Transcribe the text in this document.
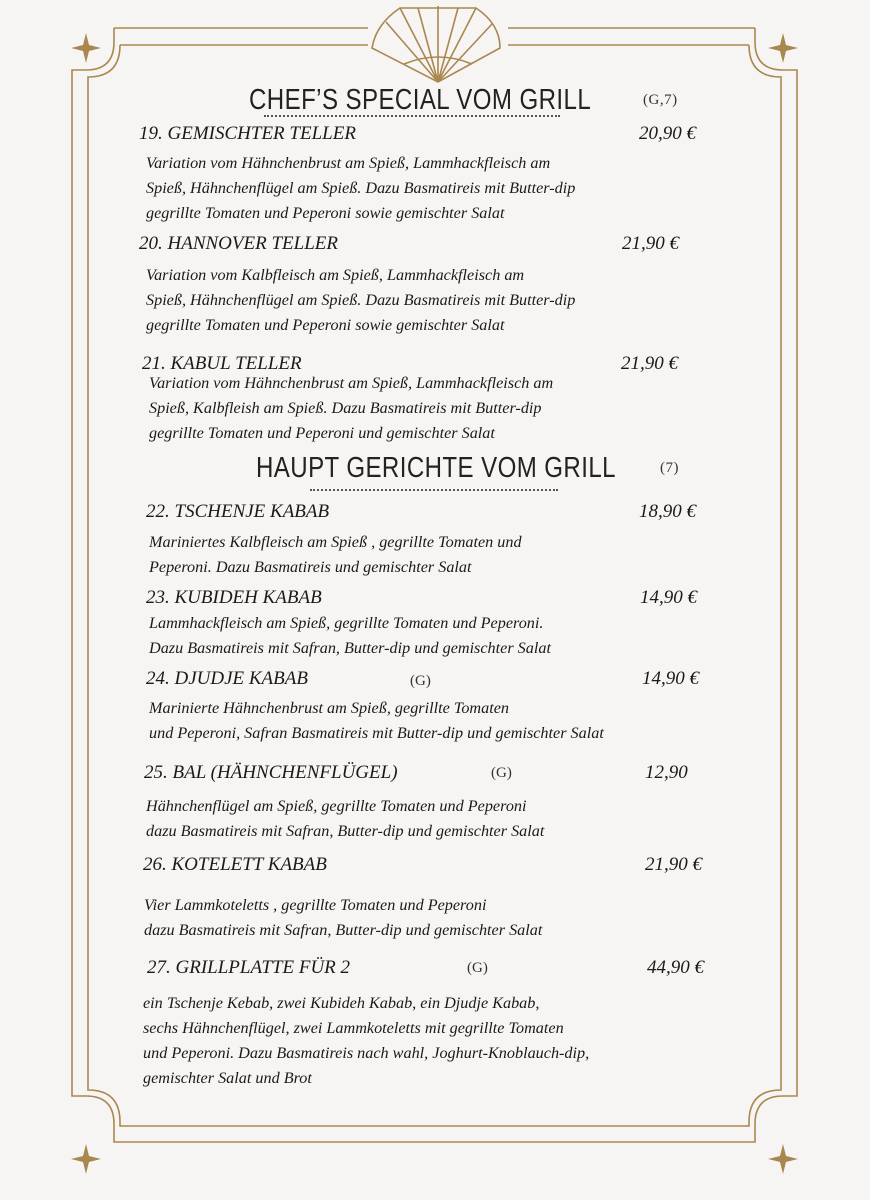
CHEF’S SPECIAL VOM GRILL	(G,7)
19. GEMISCHTER TELLER	20,90 €
Variation vom Hähnchenbrust am Spieß, Lammhackfleisch am
Spieß, Hähnchenflügel am Spieß. Dazu Basmatireis mit Butter-dip
gegrillte Tomaten und Peperoni sowie gemischter Salat
20. HANNOVER TELLER	21,90 €
Variation vom Kalbfleisch am Spieß, Lammhackfleisch am
Spieß, Hähnchenflügel am Spieß. Dazu Basmatireis mit Butter-dip
gegrillte Tomaten und Peperoni sowie gemischter Salat
21. KABUL TELLER	21,90 €
Variation vom Hähnchenbrust am Spieß, Lammhackfleisch am
Spieß, Kalbfleish am Spieß. Dazu Basmatireis mit Butter-dip
gegrillte Tomaten und Peperoni und gemischter Salat
HAUPT GERICHTE VOM GRILL	(7)
22. TSCHENJE KABAB	18,90 €
Mariniertes Kalbfleisch am Spieß , gegrillte Tomaten und
Peperoni. Dazu Basmatireis und gemischter Salat
23. KUBIDEH KABAB	14,90 €
Lammhackfleisch am Spieß, gegrillte Tomaten und Peperoni.
Dazu Basmatireis mit Safran, Butter-dip und gemischter Salat
24. DJUDJE KABAB	(G)	14,90 €
Marinierte Hähnchenbrust am Spieß, gegrillte Tomaten
und Peperoni, Safran Basmatireis mit Butter-dip und gemischter Salat
25. BAL (HÄHNCHENFLÜGEL)	(G)	12,90
Hähnchenflügel am Spieß, gegrillte Tomaten und Peperoni
dazu Basmatireis mit Safran, Butter-dip und gemischter Salat
26. KOTELETT KABAB	21,90 €
Vier Lammkoteletts , gegrillte Tomaten und Peperoni
dazu Basmatireis mit Safran, Butter-dip und gemischter Salat
27. GRILLPLATTE FÜR 2	(G)	44,90 €
ein Tschenje Kebab, zwei Kubideh Kabab, ein Djudje Kabab,
sechs Hähnchenflügel, zwei Lammkoteletts mit gegrillte Tomaten
und Peperoni. Dazu Basmatireis nach wahl, Joghurt-Knoblauch-dip,
gemischter Salat und Brot
